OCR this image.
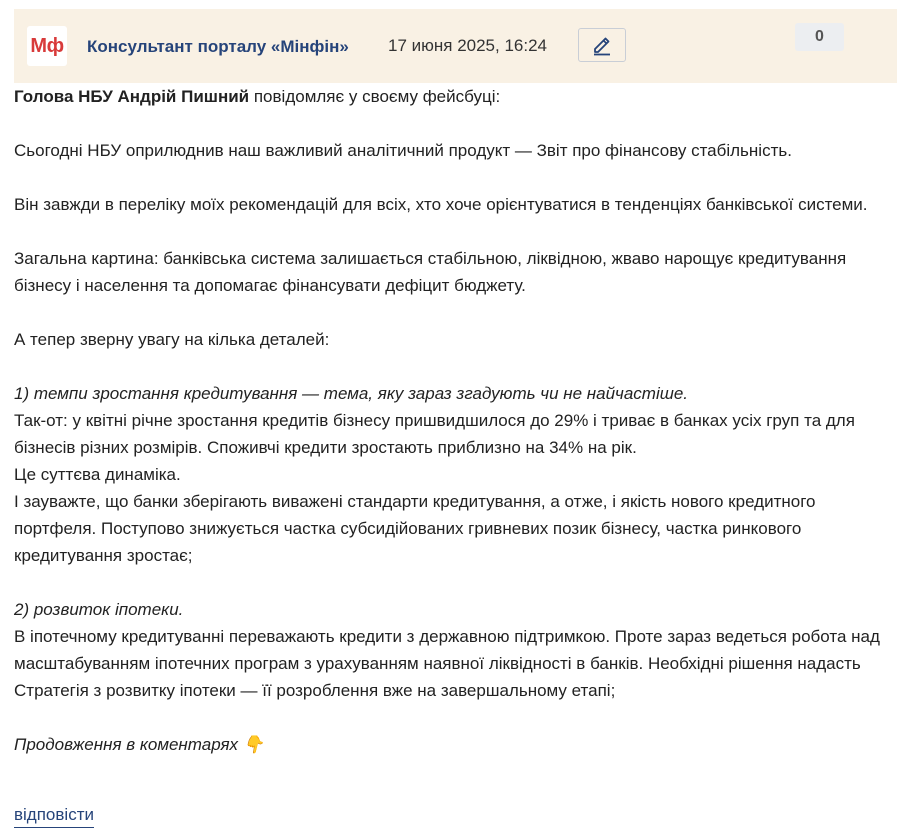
Мф Консультант порталу «Мінфін» 17 июня 2025, 16:24	0

Голова НБУ Андрій Пишний повідомляє у своєму фейсбуці:

Сьогодні НБУ оприлюднив наш важливий аналітичний продукт — Звіт про фінансову стабільність.

Він завжди в переліку моїх рекомендацій для всіх, хто хоче орієнтуватися в тенденціях банківської системи.

Загальна картина: банківська система залишається стабільною, ліквідною, жваво нарощує кредитування бізнесу і населення та допомагає фінансувати дефіцит бюджету.

А тепер зверну увагу на кілька деталей:

1) темпи зростання кредитування — тема, яку зараз згадують чи не найчастіше.

Так-от: у квітні річне зростання кредитів бізнесу пришвидшилося до 29% і триває в банках усіх груп та для бізнесів різних розмірів. Споживчі кредити зростають приблизно на 34% на рік.

Це суттєва динаміка.

І зауважте, що банки зберігають виважені стандарти кредитування, а отже, і якість нового кредитного портфеля. Поступово знижується частка субсидійованих гривневих позик бізнесу, частка ринкового кредитування зростає;

2) розвиток іпотеки.

В іпотечному кредитуванні переважають кредити з державною підтримкою. Проте зараз ведеться робота над масштабуванням іпотечних програм з урахуванням наявної ліквідності в банків. Необхідні рішення надасть Стратегія з розвитку іпотеки — її розроблення вже на завершальному етапі;

Продовження в коментарях 👇

відповісти
